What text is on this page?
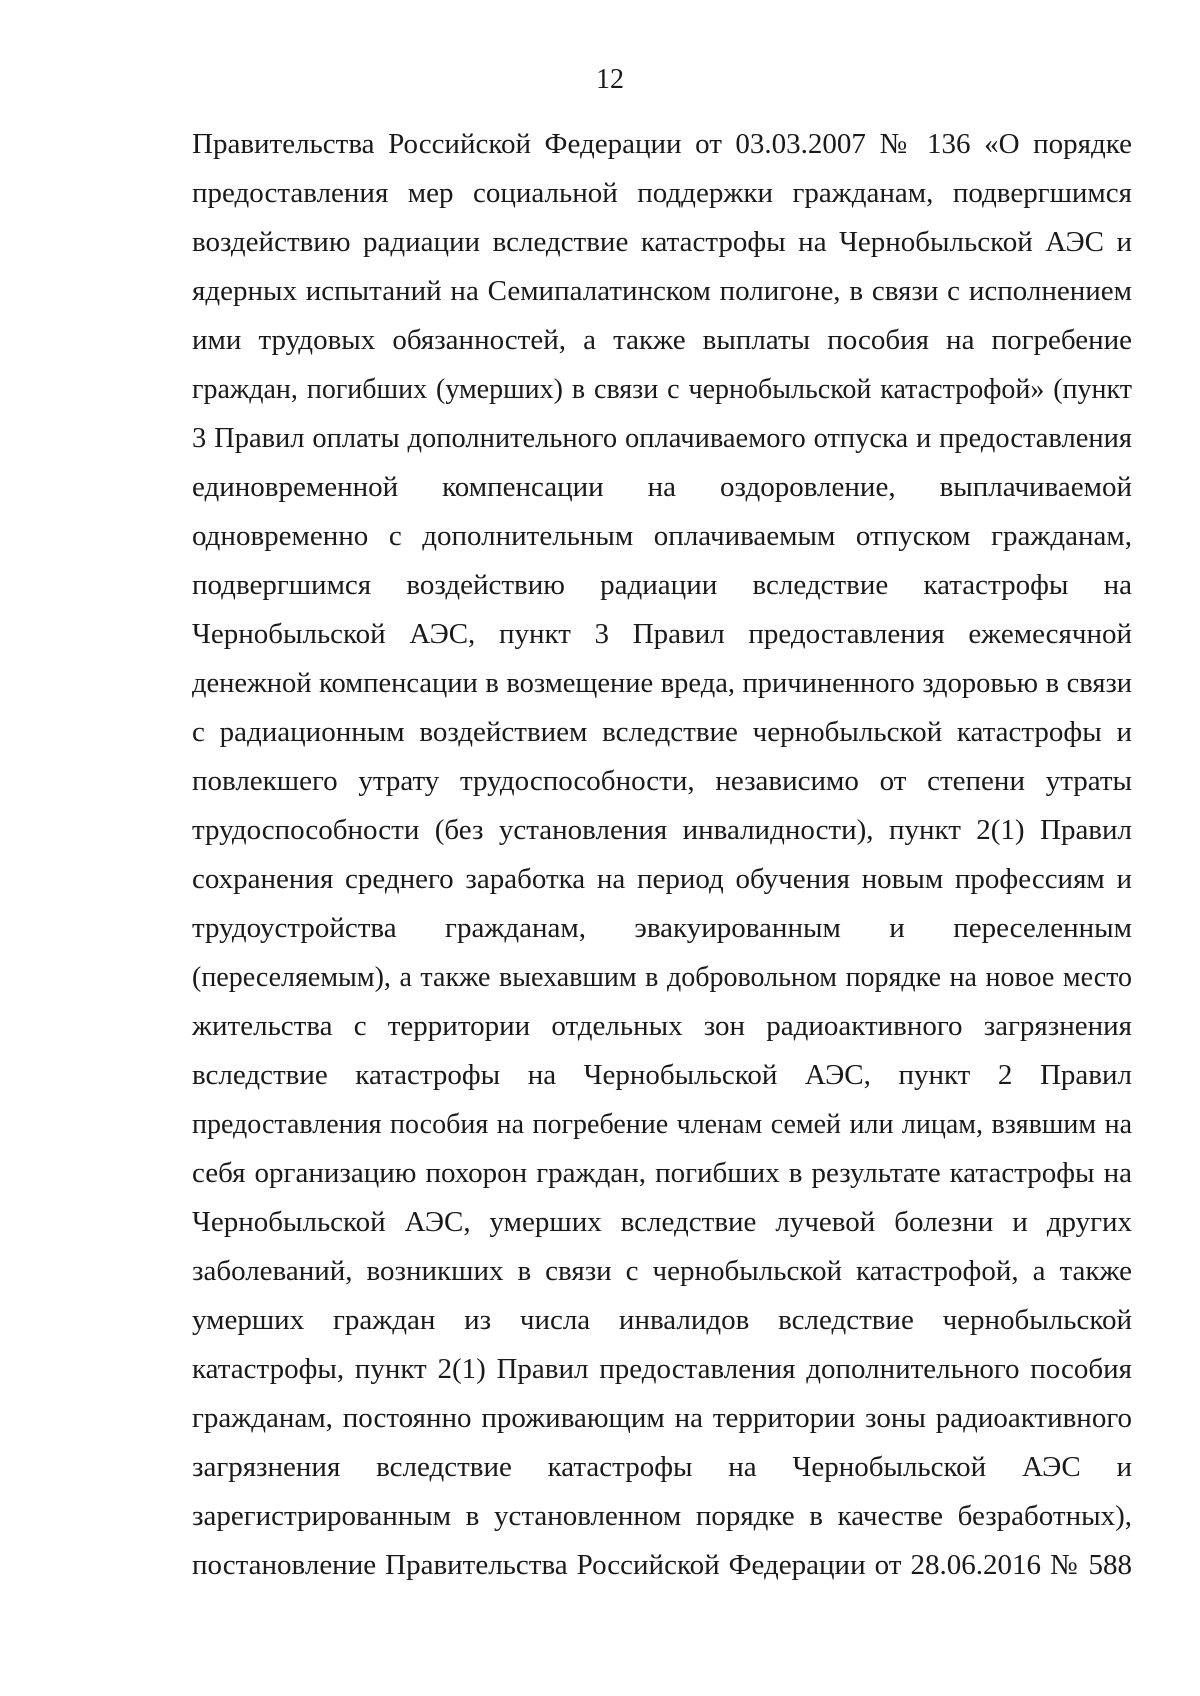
12
Правительства Российской Федерации от 03.03.2007 № 136 «О порядке
предоставления мер социальной поддержки гражданам, подвергшимся
воздействию радиации вследствие катастрофы на Чернобыльской АЭС и
ядерных испытаний на Семипалатинском полигоне, в связи с исполнением
ими трудовых обязанностей, а также выплаты пособия на погребение
граждан, погибших (умерших) в связи с чернобыльской катастрофой» (пункт
3 Правил оплаты дополнительного оплачиваемого отпуска и предоставления
единовременной компенсации на оздоровление, выплачиваемой
одновременно с дополнительным оплачиваемым отпуском гражданам,
подвергшимся воздействию радиации вследствие катастрофы на
Чернобыльской АЭС, пункт 3 Правил предоставления ежемесячной
денежной компенсации в возмещение вреда, причиненного здоровью в связи
с радиационным воздействием вследствие чернобыльской катастрофы и
повлекшего утрату трудоспособности, независимо от степени утраты
трудоспособности (без установления инвалидности), пункт 2(1) Правил
сохранения среднего заработка на период обучения новым профессиям и
трудоустройства гражданам, эвакуированным и переселенным
(переселяемым), а также выехавшим в добровольном порядке на новое место
жительства с территории отдельных зон радиоактивного загрязнения
вследствие катастрофы на Чернобыльской АЭС, пункт 2 Правил
предоставления пособия на погребение членам семей или лицам, взявшим на
себя организацию похорон граждан, погибших в результате катастрофы на
Чернобыльской АЭС, умерших вследствие лучевой болезни и других
заболеваний, возникших в связи с чернобыльской катастрофой, а также
умерших граждан из числа инвалидов вследствие чернобыльской
катастрофы, пункт 2(1) Правил предоставления дополнительного пособия
гражданам, постоянно проживающим на территории зоны радиоактивного
загрязнения вследствие катастрофы на Чернобыльской АЭС и
зарегистрированным в установленном порядке в качестве безработных),
постановление Правительства Российской Федерации от 28.06.2016 № 588
